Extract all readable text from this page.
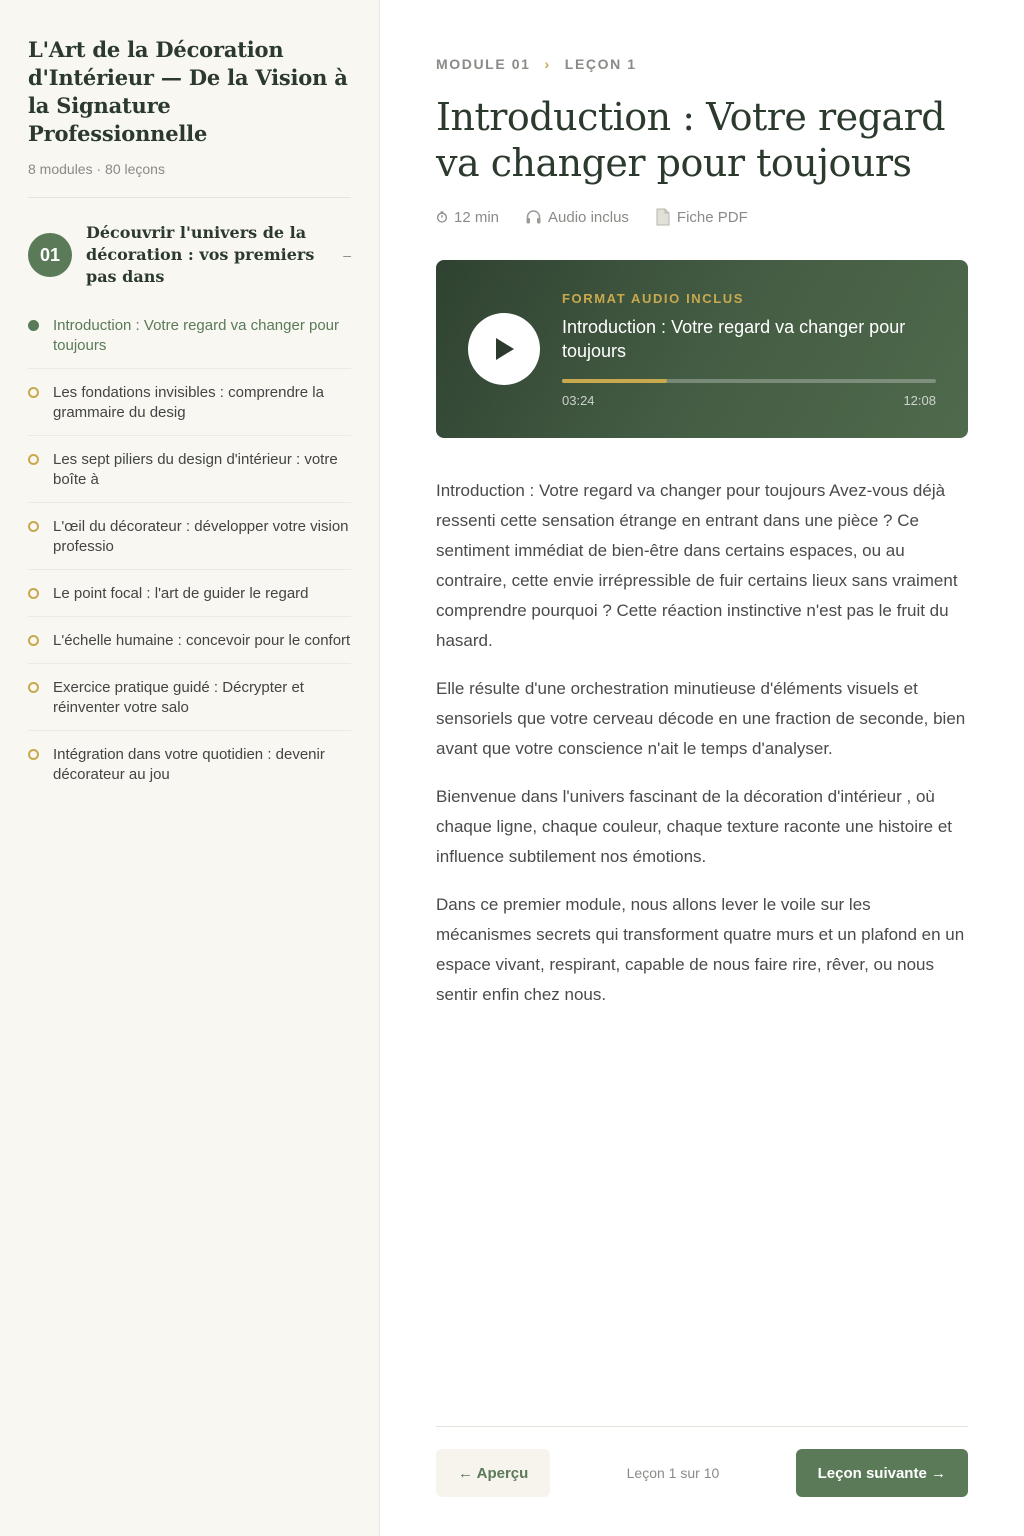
L'Art de la Décoration d'Intérieur — De la Vision à la Signature Professionnelle
8 modules · 80 leçons
01
Découvrir l'univers de la décoration : vos premiers pas dans
–
Introduction : Votre regard va changer pour toujours
Les fondations invisibles : comprendre la grammaire du desig
Les sept piliers du design d'intérieur : votre boîte à
L'œil du décorateur : développer votre vision professio
Le point focal : l'art de guider le regard
L'échelle humaine : concevoir pour le confort
Exercice pratique guidé : Décrypter et réinventer votre salo
Intégration dans votre quotidien : devenir décorateur au jou
MODULE 01 › LEÇON 1
Introduction : Votre regard va changer pour toujours
12 min	Audio inclus	Fiche PDF
FORMAT AUDIO INCLUS
Introduction : Votre regard va changer pour toujours
03:24	12:08

Introduction : Votre regard va changer pour toujours Avez-vous déjà ressenti cette sensation étrange en entrant dans une pièce ? Ce sentiment immédiat de bien-être dans certains espaces, ou au contraire, cette envie irrépressible de fuir certains lieux sans vraiment comprendre pourquoi ? Cette réaction instinctive n'est pas le fruit du hasard.

Elle résulte d'une orchestration minutieuse d'éléments visuels et sensoriels que votre cerveau décode en une fraction de seconde, bien avant que votre conscience n'ait le temps d'analyser.

Bienvenue dans l'univers fascinant de la décoration d'intérieur , où chaque ligne, chaque couleur, chaque texture raconte une histoire et influence subtilement nos émotions.

Dans ce premier module, nous allons lever le voile sur les mécanismes secrets qui transforment quatre murs et un plafond en un espace vivant, respirant, capable de nous faire rire, rêver, ou nous sentir enfin chez nous.

← Aperçu	Leçon 1 sur 10	Leçon suivante →
